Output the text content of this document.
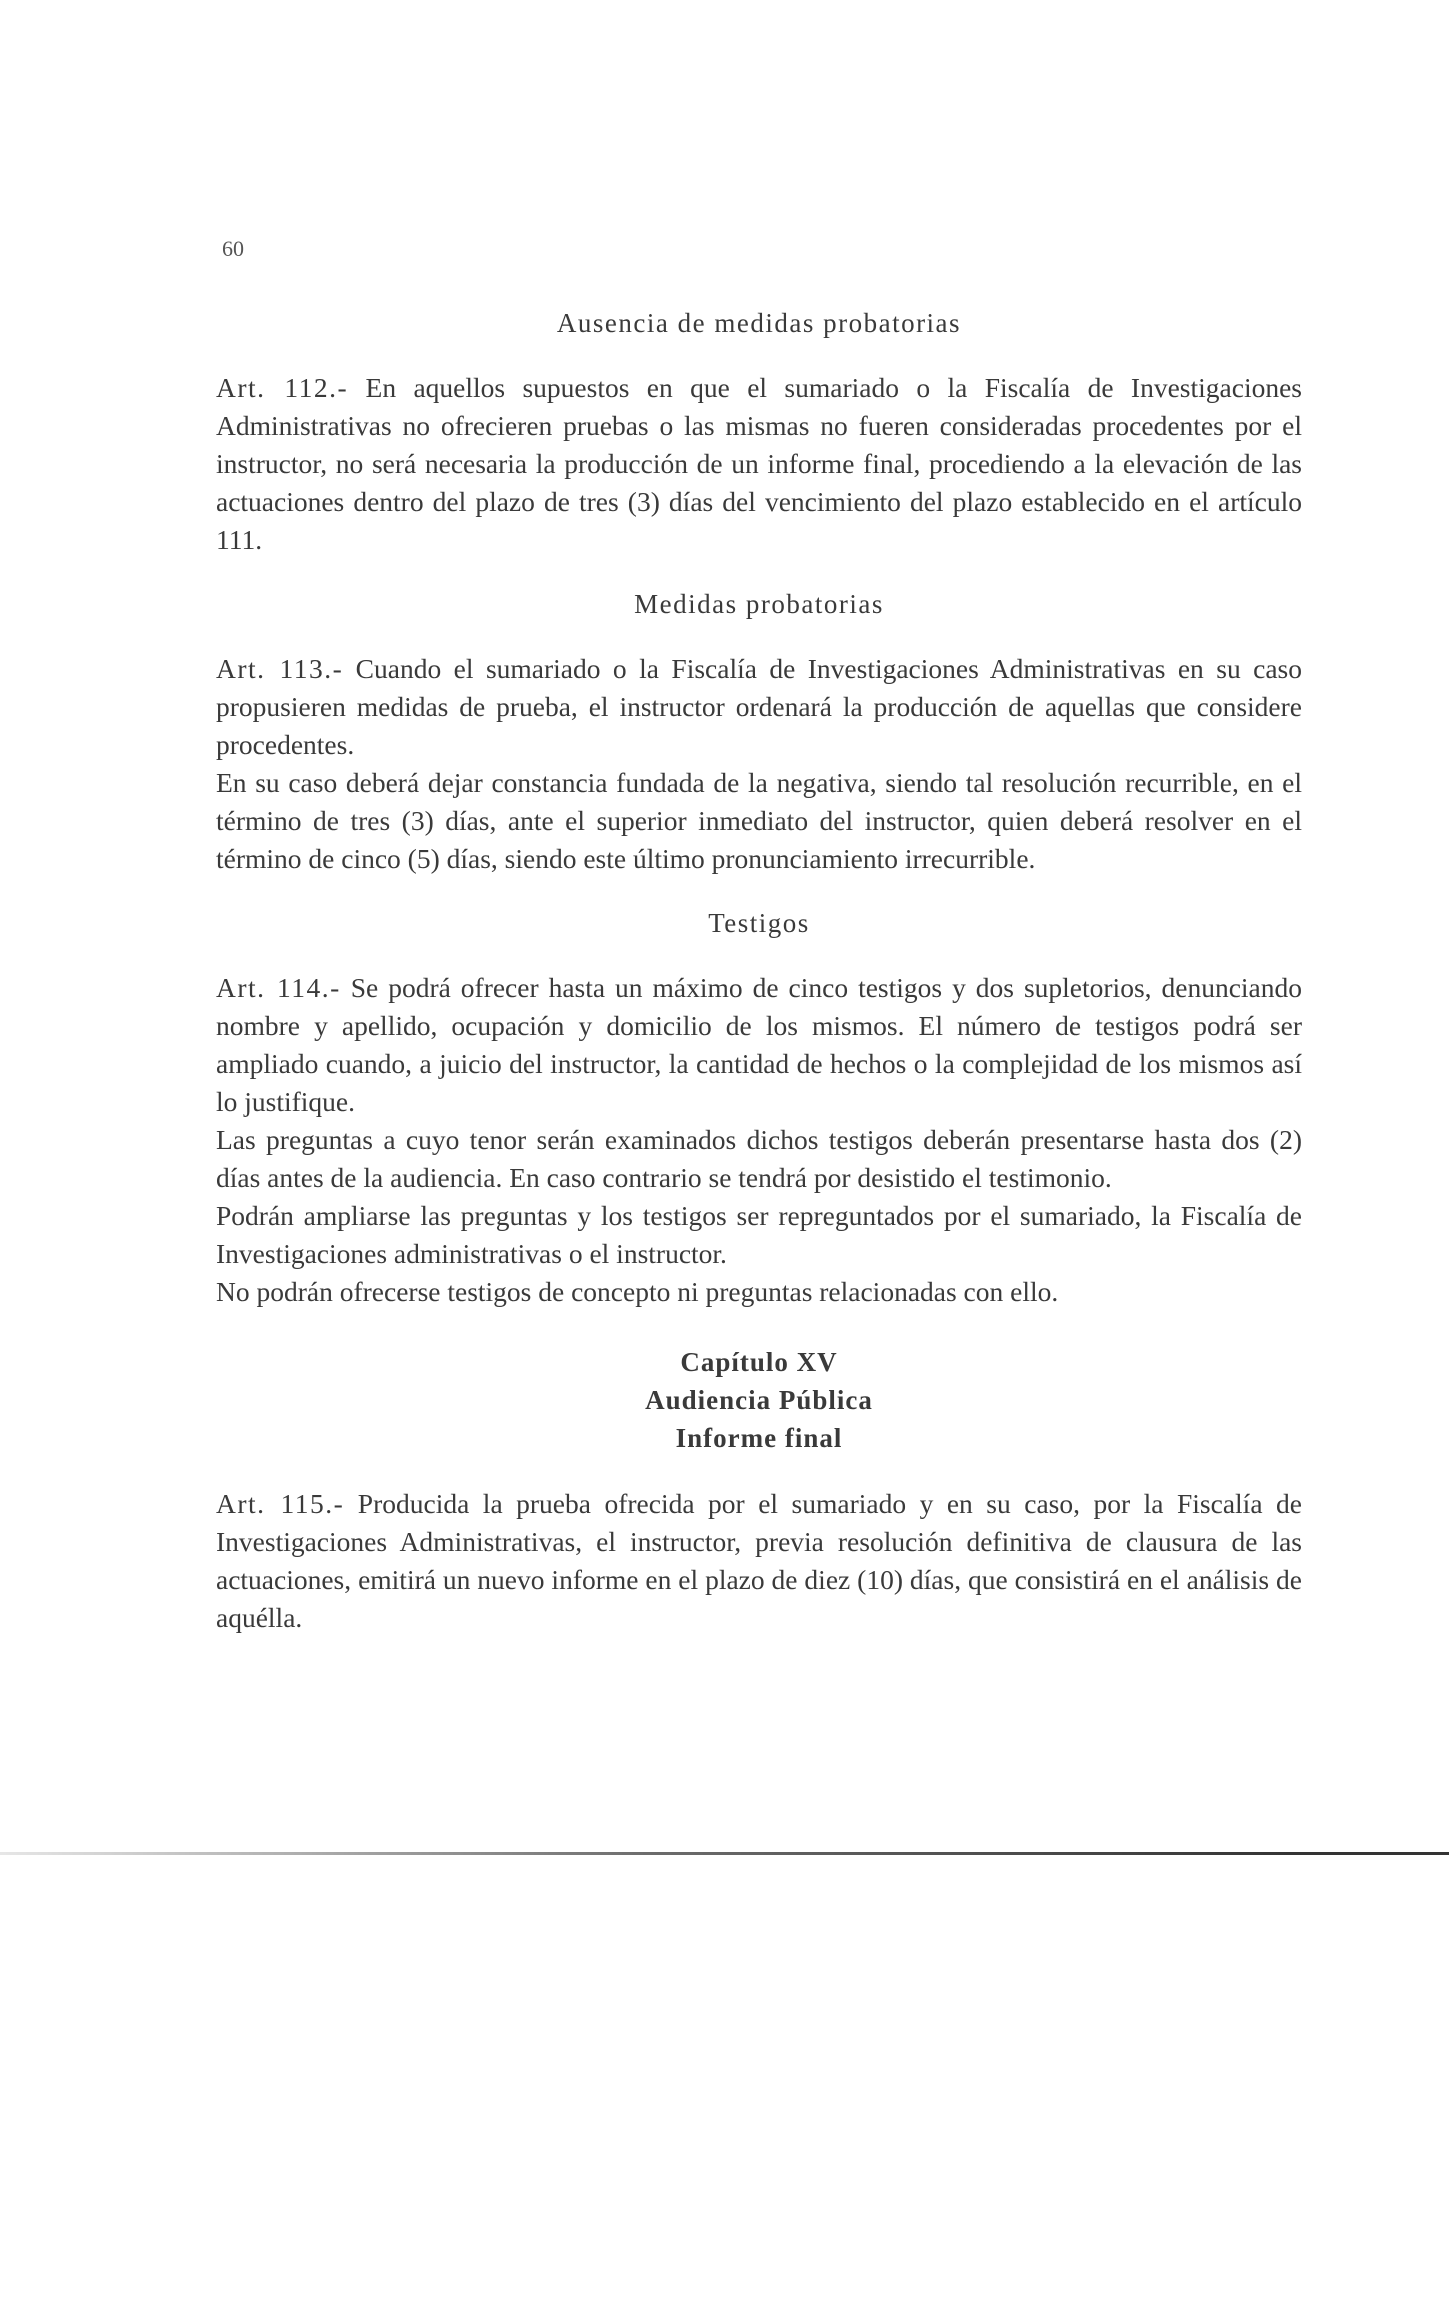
60
Ausencia de medidas probatorias

Art. 112.- En aquellos supuestos en que el sumariado o la Fiscalía de Investigaciones Administrativas no ofrecieren pruebas o las mismas no fueren consideradas procedentes por el instructor, no será necesaria la producción de un informe final, procediendo a la elevación de las actuaciones dentro del plazo de tres (3) días del vencimiento del plazo establecido en el artículo 111.

Medidas probatorias

Art. 113.- Cuando el sumariado o la Fiscalía de Investigaciones Administrativas en su caso propusieren medidas de prueba, el instructor ordenará la producción de aquellas que considere procedentes.

En su caso deberá dejar constancia fundada de la negativa, siendo tal resolución recurrible, en el término de tres (3) días, ante el superior inmediato del instructor, quien deberá resolver en el término de cinco (5) días, siendo este último pronunciamiento irrecurrible.

Testigos

Art. 114.- Se podrá ofrecer hasta un máximo de cinco testigos y dos supletorios, denunciando nombre y apellido, ocupación y domicilio de los mismos. El número de testigos podrá ser ampliado cuando, a juicio del instructor, la cantidad de hechos o la complejidad de los mismos así lo justifique.

Las preguntas a cuyo tenor serán examinados dichos testigos deberán presentarse hasta dos (2) días antes de la audiencia. En caso contrario se tendrá por desistido el testimonio.

Podrán ampliarse las preguntas y los testigos ser repreguntados por el sumariado, la Fiscalía de Investigaciones administrativas o el instructor.

No podrán ofrecerse testigos de concepto ni preguntas relacionadas con ello.

Capítulo XV
Audiencia Pública
Informe final

Art. 115.- Producida la prueba ofrecida por el sumariado y en su caso, por la Fiscalía de Investigaciones Administrativas, el instructor, previa resolución definitiva de clausura de las actuaciones, emitirá un nuevo informe en el plazo de diez (10) días, que consistirá en el análisis de aquélla.
